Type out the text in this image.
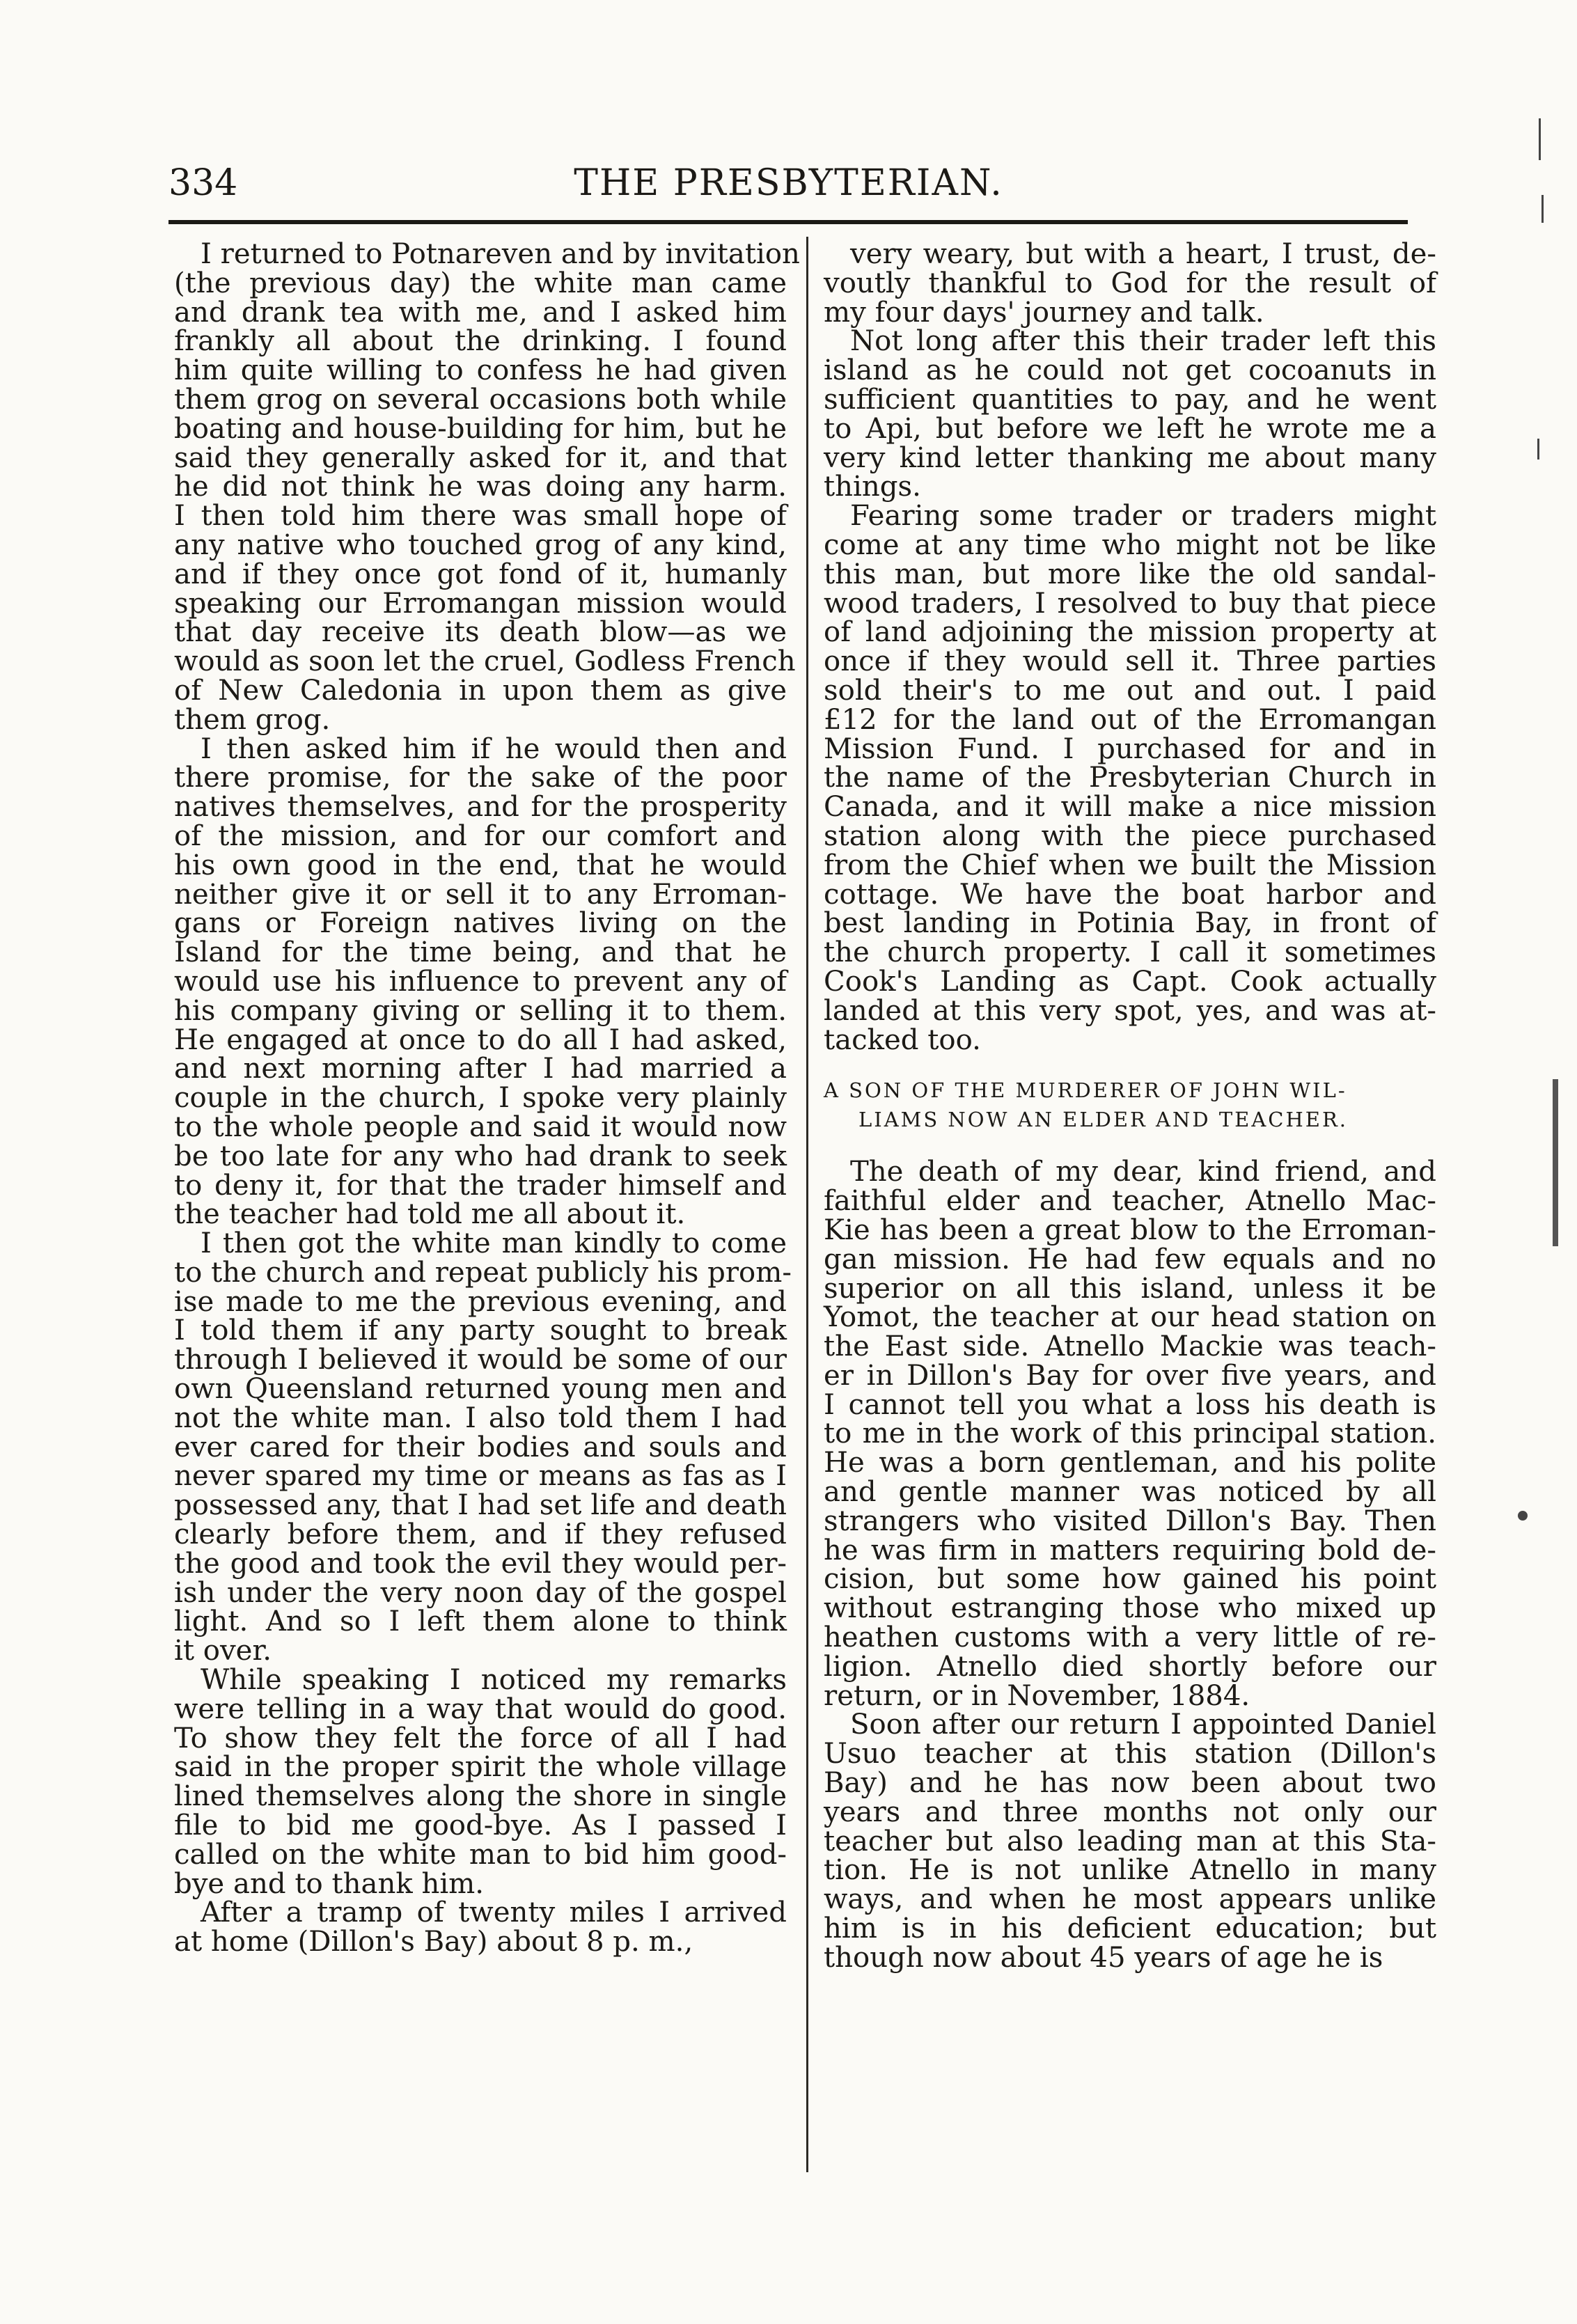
334	THE PRESBYTERIAN.

I returned to Potnareven and by invitation
(the previous day) the white man came
and drank tea with me, and I asked him
frankly all about the drinking. I found
him quite willing to confess he had given
them grog on several occasions both while
boating and house-building for him, but he
said they generally asked for it, and that
he did not think he was doing any harm.
I then told him there was small hope of
any native who touched grog of any kind,
and if they once got fond of it, humanly
speaking our Erromangan mission would
that day receive its death blow—as we
would as soon let the cruel, Godless French
of New Caledonia in upon them as give
them grog.

I then asked him if he would then and
there promise, for the sake of the poor
natives themselves, and for the prosperity
of the mission, and for our comfort and
his own good in the end, that he would
neither give it or sell it to any Erroman-
gans or Foreign natives living on the
Island for the time being, and that he
would use his influence to prevent any of
his company giving or selling it to them.
He engaged at once to do all I had asked,
and next morning after I had married a
couple in the church, I spoke very plainly
to the whole people and said it would now
be too late for any who had drank to seek
to deny it, for that the trader himself and
the teacher had told me all about it.

I then got the white man kindly to come
to the church and repeat publicly his prom-
ise made to me the previous evening, and
I told them if any party sought to break
through I believed it would be some of our
own Queensland returned young men and
not the white man. I also told them I had
ever cared for their bodies and souls and
never spared my time or means as fas as I
possessed any, that I had set life and death
clearly before them, and if they refused
the good and took the evil they would per-
ish under the very noon day of the gospel
light. And so I left them alone to think
it over.

While speaking I noticed my remarks
were telling in a way that would do good.
To show they felt the force of all I had
said in the proper spirit the whole village
lined themselves along the shore in single
file to bid me good-bye. As I passed I
called on the white man to bid him good-
bye and to thank him.

After a tramp of twenty miles I arrived
at home (Dillon's Bay) about 8 p. m.,

very weary, but with a heart, I trust, de-
voutly thankful to God for the result of
my four days' journey and talk.

Not long after this their trader left this
island as he could not get cocoanuts in
sufficient quantities to pay, and he went
to Api, but before we left he wrote me a
very kind letter thanking me about many
things.

Fearing some trader or traders might
come at any time who might not be like
this man, but more like the old sandal-
wood traders, I resolved to buy that piece
of land adjoining the mission property at
once if they would sell it. Three parties
sold their's to me out and out. I paid
£12 for the land out of the Erromangan
Mission Fund. I purchased for and in
the name of the Presbyterian Church in
Canada, and it will make a nice mission
station along with the piece purchased
from the Chief when we built the Mission
cottage. We have the boat harbor and
best landing in Potinia Bay, in front of
the church property. I call it sometimes
Cook's Landing as Capt. Cook actually
landed at this very spot, yes, and was at-
tacked too.

A SON OF THE MURDERER OF JOHN WIL-
LIAMS NOW AN ELDER AND TEACHER.

The death of my dear, kind friend, and
faithful elder and teacher, Atnello Mac-
Kie has been a great blow to the Erroman-
gan mission. He had few equals and no
superior on all this island, unless it be
Yomot, the teacher at our head station on
the East side. Atnello Mackie was teach-
er in Dillon's Bay for over five years, and
I cannot tell you what a loss his death is
to me in the work of this principal station.
He was a born gentleman, and his polite
and gentle manner was noticed by all
strangers who visited Dillon's Bay. Then
he was firm in matters requiring bold de-
cision, but some how gained his point
without estranging those who mixed up
heathen customs with a very little of re-
ligion. Atnello died shortly before our
return, or in November, 1884.

Soon after our return I appointed Daniel
Usuo teacher at this station (Dillon's
Bay) and he has now been about two
years and three months not only our
teacher but also leading man at this Sta-
tion. He is not unlike Atnello in many
ways, and when he most appears unlike
him is in his deficient education; but
though now about 45 years of age he is
